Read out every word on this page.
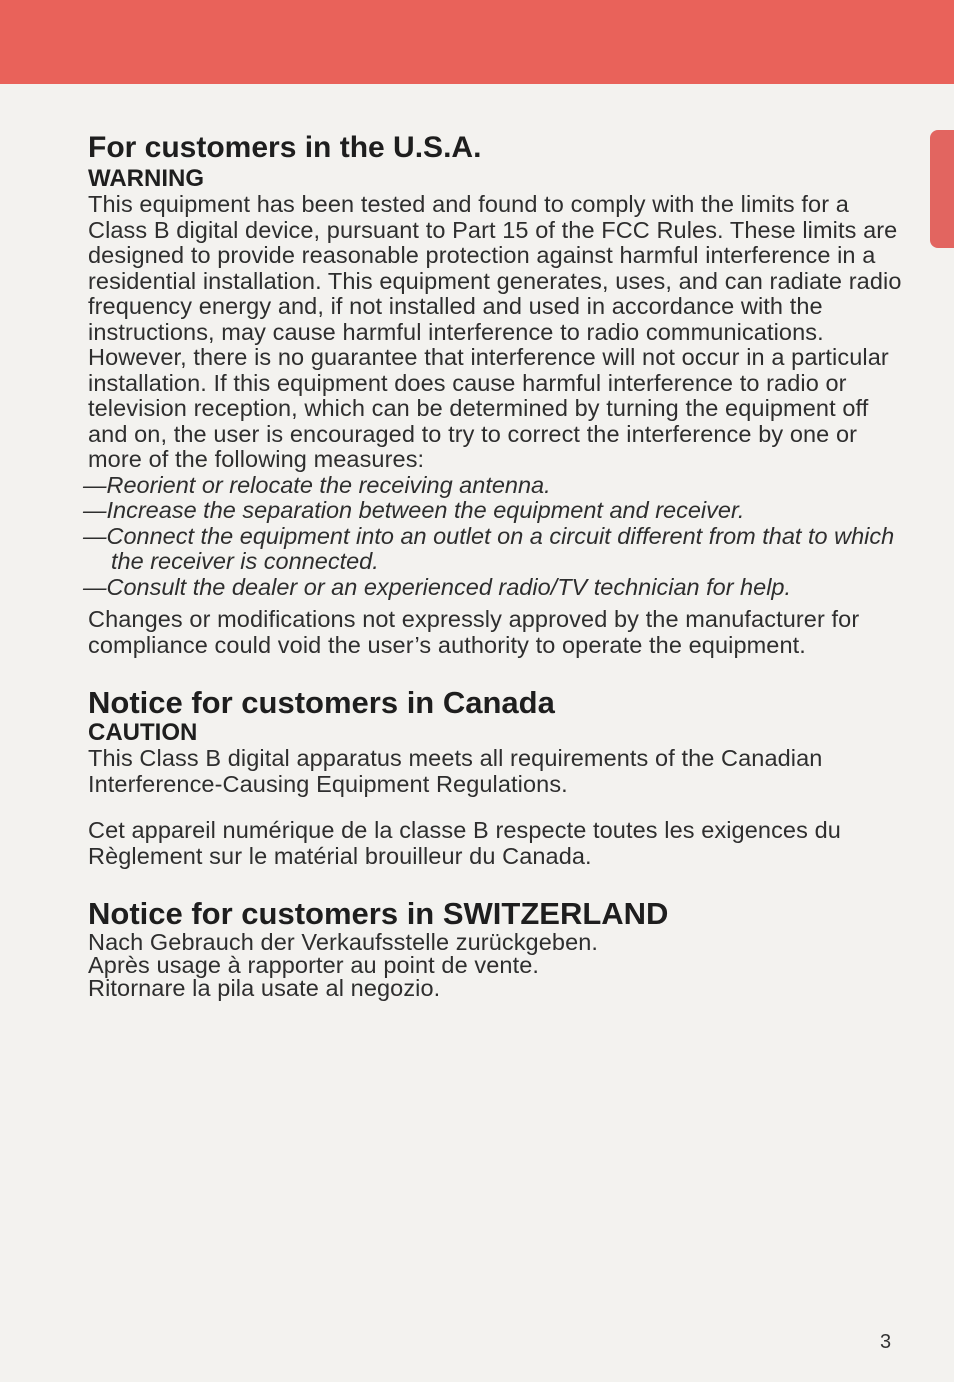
For customers in the U.S.A.
WARNING

This equipment has been tested and found to comply with the limits for a Class B digital device, pursuant to Part 15 of the FCC Rules. These limits are designed to provide reasonable protection against harmful interference in a residential installation. This equipment generates, uses, and can radiate radio frequency energy and, if not installed and used in accordance with the instructions, may cause harmful interference to radio communications. However, there is no guarantee that interference will not occur in a particular installation. If this equipment does cause harmful interference to radio or television reception, which can be determined by turning the equipment off and on, the user is encouraged to try to correct the interference by one or more of the following measures:

—Reorient or relocate the receiving antenna.
—Increase the separation between the equipment and receiver.
—Connect the equipment into an outlet on a circuit different from that to which the receiver is connected.
—Consult the dealer or an experienced radio/TV technician for help.

Changes or modifications not expressly approved by the manufacturer for compliance could void the user’s authority to operate the equipment.

Notice for customers in Canada
CAUTION

This Class B digital apparatus meets all requirements of the Canadian Interference-Causing Equipment Regulations.

Cet appareil numérique de la classe B respecte toutes les exigences du Règlement sur le matérial brouilleur du Canada.

Notice for customers in SWITZERLAND

Nach Gebrauch der Verkaufsstelle zurückgeben.

Après usage à rapporter au point de vente.

Ritornare la pila usate al negozio.

3
